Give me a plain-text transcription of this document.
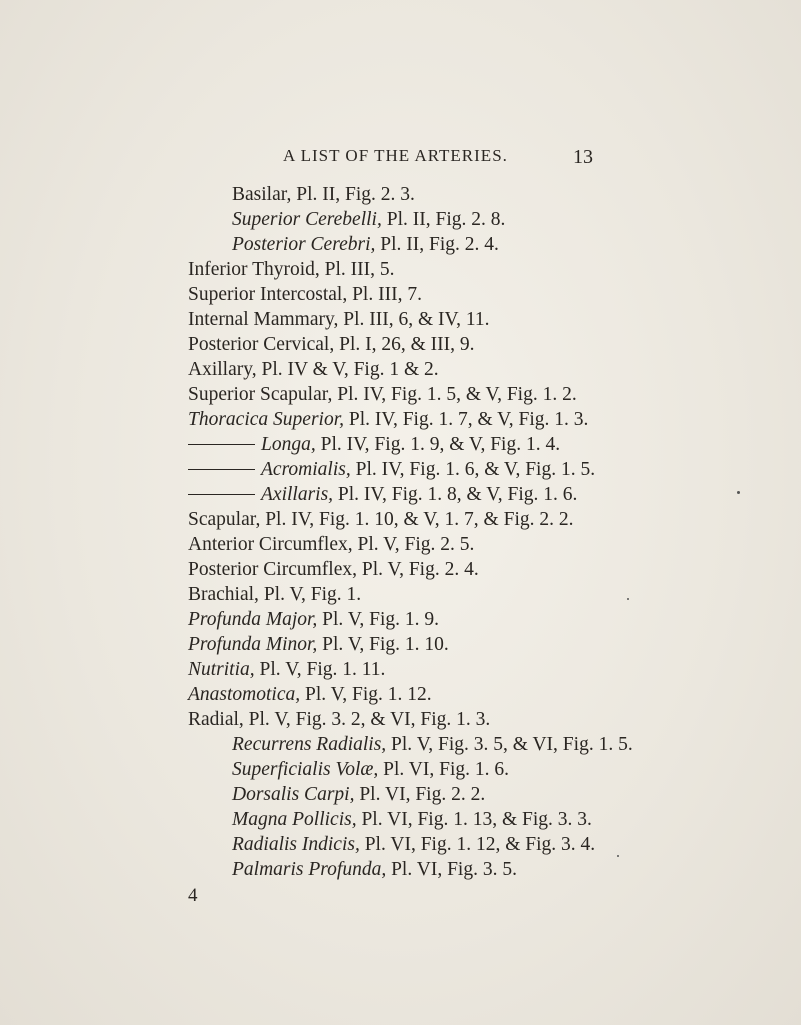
A LIST OF THE ARTERIES.	13
Basilar, Pl. II, Fig. 2. 3.
Superior Cerebelli, Pl. II, Fig. 2. 8.
Posterior Cerebri, Pl. II, Fig. 2. 4.
Inferior Thyroid, Pl. III, 5.
Superior Intercostal, Pl. III, 7.
Internal Mammary, Pl. III, 6, & IV, 11.
Posterior Cervical, Pl. I, 26, & III, 9.
Axillary, Pl. IV & V, Fig. 1 & 2.
Superior Scapular, Pl. IV, Fig. 1. 5, & V, Fig. 1. 2.
Thoracica Superior, Pl. IV, Fig. 1. 7, & V, Fig. 1. 3.
Longa, Pl. IV, Fig. 1. 9, & V, Fig. 1. 4.
Acromialis, Pl. IV, Fig. 1. 6, & V, Fig. 1. 5.
Axillaris, Pl. IV, Fig. 1. 8, & V, Fig. 1. 6.
Scapular, Pl. IV, Fig. 1. 10, & V, 1. 7, & Fig. 2. 2.
Anterior Circumflex, Pl. V, Fig. 2. 5.
Posterior Circumflex, Pl. V, Fig. 2. 4.
Brachial, Pl. V, Fig. 1.
Profunda Major, Pl. V, Fig. 1. 9.
Profunda Minor, Pl. V, Fig. 1. 10.
Nutritia, Pl. V, Fig. 1. 11.
Anastomotica, Pl. V, Fig. 1. 12.
Radial, Pl. V, Fig. 3. 2, & VI, Fig. 1. 3.
Recurrens Radialis, Pl. V, Fig. 3. 5, & VI, Fig. 1. 5.
Superficialis Volæ, Pl. VI, Fig. 1. 6.
Dorsalis Carpi, Pl. VI, Fig. 2. 2.
Magna Pollicis, Pl. VI, Fig. 1. 13, & Fig. 3. 3.
Radialis Indicis, Pl. VI, Fig. 1. 12, & Fig. 3. 4.
Palmaris Profunda, Pl. VI, Fig. 3. 5.
4
